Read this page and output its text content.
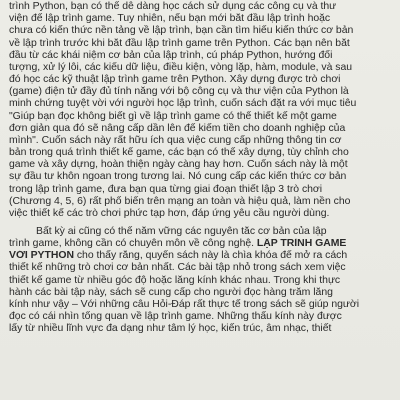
trình Python, bạn có thể dễ dàng học cách sử dụng các công cụ và thư
viện để lập trình game. Tuy nhiên, nếu bạn mới bắt đầu lập trình hoặc
chưa có kiến thức nền tảng về lập trình, bạn cần tìm hiểu kiến thức cơ bản
về lập trình trước khi bắt đầu lập trình game trên Python. Các bạn nên bắt
đầu từ các khái niệm cơ bản của lập trình, cú pháp Python, hướng đối
tượng, xử lý lỗi, các kiểu dữ liệu, điều kiện, vòng lặp, hàm, module, và sau
đó học các kỹ thuật lập trình game trên Python. Xây dựng được trò chơi
(game) điện tử đầy đủ tính năng với bộ công cụ và thư viện của Python là
minh chứng tuyệt vời với người học lập trình, cuốn sách đặt ra với mục tiêu
"Giúp bạn đọc không biết gì về lập trình game có thể thiết kế một game
đơn giản qua đó sẽ nâng cấp dần lên để kiếm tiền cho doanh nghiệp của
mình". Cuốn sách này rất hữu ích qua việc cung cấp những thông tin cơ
bản trong quá trình thiết kế game, các bạn có thể xây dựng, tùy chỉnh cho
game và xây dựng, hoàn thiện ngày càng hay hơn. Cuốn sách này là một
sự đầu tư khôn ngoan trong tương lai. Nó cung cấp các kiến thức cơ bản
trong lập trình game, đưa bạn qua từng giai đoạn thiết lập 3 trò chơi
(Chương 4, 5, 6) rất phổ biến trên mạng an toàn và hiệu quả, làm nền cho
việc thiết kế các trò chơi phức tạp hơn, đáp ứng yêu cầu người dùng.
Bất kỳ ai cũng có thể nắm vững các nguyên tắc cơ bản của lập
trình game, không cần có chuyên môn về công nghệ. LẬP TRÌNH GAME
VỚI PYTHON cho thấy rằng, quyển sách này là chìa khóa để mở ra cách
thiết kế những trò chơi cơ bản nhất. Các bài tập nhỏ trong sách xem việc
thiết kế game từ nhiều góc độ hoặc lăng kính khác nhau. Trong khi thực
hành các bài tập này, sách sẽ cung cấp cho người đọc hàng trăm lăng
kính như vậy – Với những câu Hỏi-Đáp rất thực tế trong sách sẽ giúp người
đọc có cái nhìn tổng quan về lập trình game. Những thấu kính này được
lấy từ nhiều lĩnh vực đa dạng như tâm lý học, kiến trúc, âm nhạc, thiết
